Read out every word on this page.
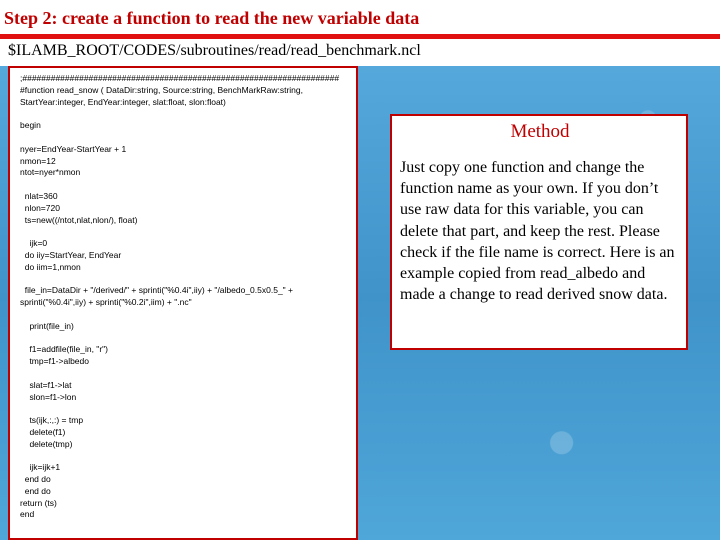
Step 2: create a function to read the new variable data
$ILAMB_ROOT/CODES/subroutines/read/read_benchmark.ncl
;###################################################################
#function read_snow ( DataDir:string, Source:string, BenchMarkRaw:string,
StartYear:integer, EndYear:integer, slat:float, slon:float)
begin
nyer=EndYear-StartYear + 1
nmon=12
ntot=nyer*nmon
nlat=360
nlon=720
ts=new((/ntot,nlat,nlon/), float)
ijk=0
do iiy=StartYear, EndYear
do iim=1,nmon
file_in=DataDir + "/derived/" + sprinti("%0.4i",iiy) + "/albedo_0.5x0.5_" +
sprinti("%0.4i",iiy) + sprinti("%0.2i",iim) + ".nc"
print(file_in)
f1=addfile(file_in, "r")
tmp=f1->albedo
slat=f1->lat
slon=f1->lon
ts(ijk,:,:) = tmp
delete(f1)
delete(tmp)
ijk=ijk+1
end do
end do
return (ts)
end
Method

Just copy one function and change the function name as your own. If you don’t use raw data for this variable, you can delete that part, and keep the rest. Please check if the file name is correct. Here is an example copied from read_albedo and made a change to read derived snow data.
